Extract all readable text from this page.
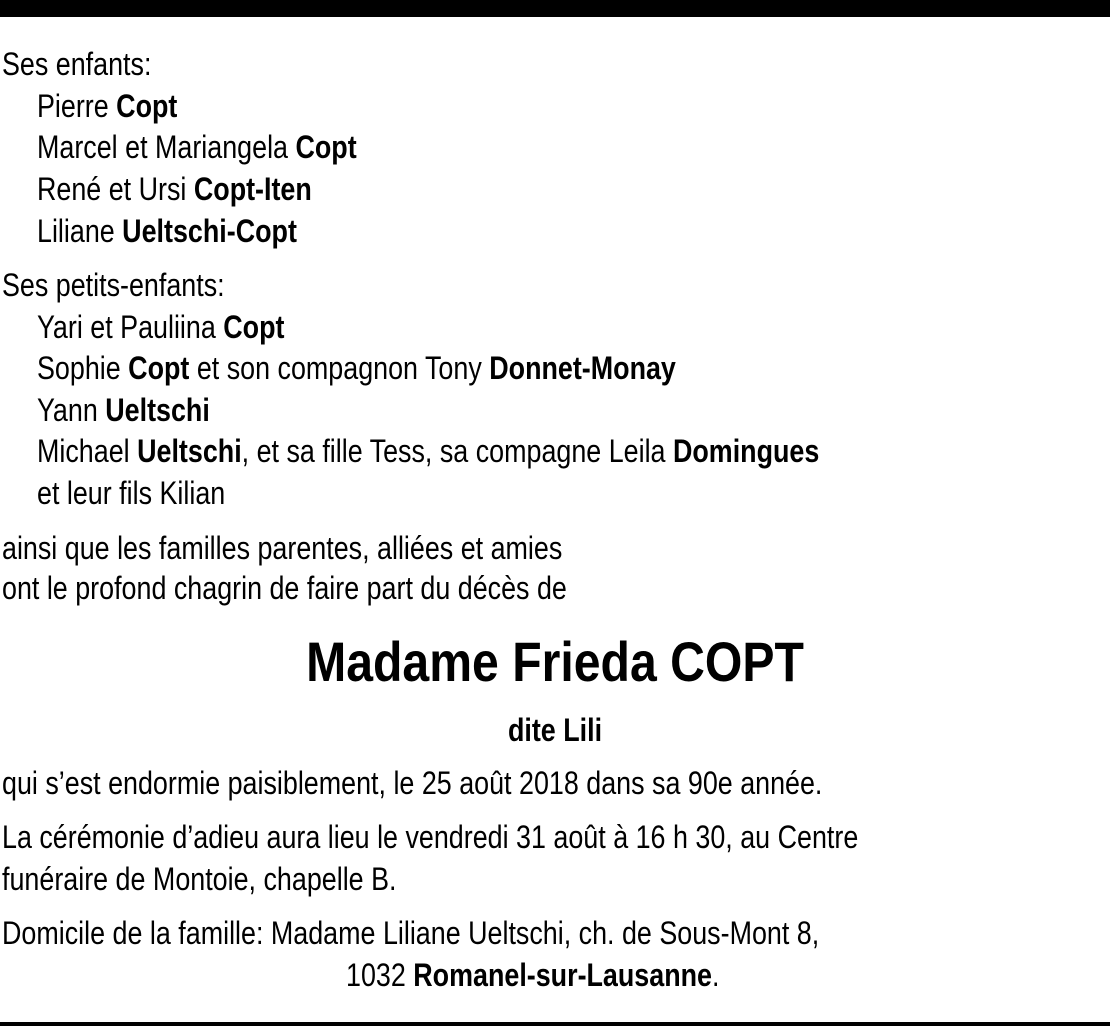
Ses enfants:
Pierre Copt
Marcel et Mariangela Copt
René et Ursi Copt-Iten
Liliane Ueltschi-Copt
Ses petits-enfants:
Yari et Pauliina Copt
Sophie Copt et son compagnon Tony Donnet-Monay
Yann Ueltschi
Michael Ueltschi, et sa fille Tess, sa compagne Leila Domingues
et leur fils Kilian
ainsi que les familles parentes, alliées et amies
ont le profond chagrin de faire part du décès de
Madame Frieda COPT
dite Lili
qui s’est endormie paisiblement, le 25 août 2018 dans sa 90e année.
La cérémonie d’adieu aura lieu le vendredi 31 août à 16 h 30, au Centre
funéraire de Montoie, chapelle B.
Domicile de la famille: Madame Liliane Ueltschi, ch. de Sous-Mont 8,
1032 Romanel-sur-Lausanne.
